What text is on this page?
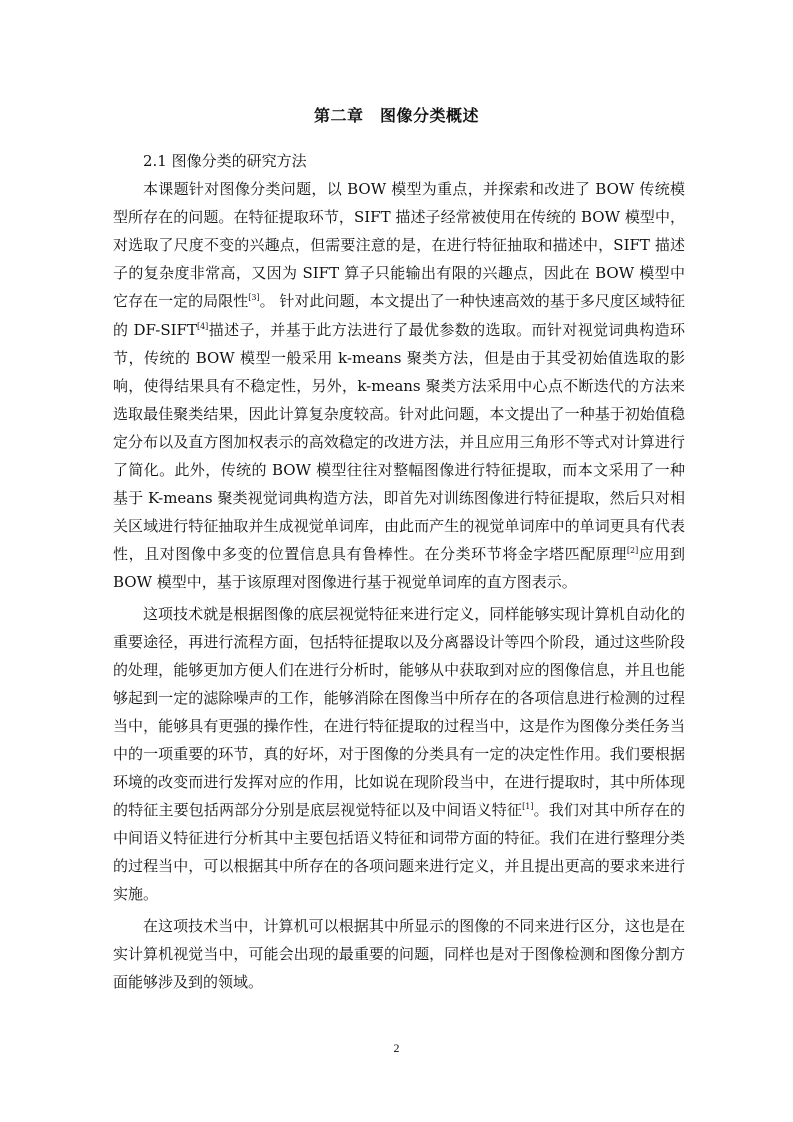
第二章　图像分类概述
2.1 图像分类的研究方法

本课题针对图像分类问题，以 BOW 模型为重点，并探索和改进了 BOW 传统模型所存在的问题。在特征提取环节，SIFT 描述子经常被使用在传统的 BOW 模型中，对选取了尺度不变的兴趣点，但需要注意的是，在进行特征抽取和描述中，SIFT 描述子的复杂度非常高，又因为 SIFT 算子只能输出有限的兴趣点，因此在 BOW 模型中它存在一定的局限性[3]。 针对此问题，本文提出了一种快速高效的基于多尺度区域特征的 DF-SIFT[4]描述子，并基于此方法进行了最优参数的选取。而针对视觉词典构造环节，传统的 BOW 模型一般采用 k-means 聚类方法，但是由于其受初始值选取的影响，使得结果具有不稳定性，另外，k-means 聚类方法采用中心点不断迭代的方法来选取最佳聚类结果，因此计算复杂度较高。针对此问题，本文提出了一种基于初始值稳定分布以及直方图加权表示的高效稳定的改进方法，并且应用三角形不等式对计算进行了简化。此外，传统的 BOW 模型往往对整幅图像进行特征提取，而本文采用了一种基于 K-means 聚类视觉词典构造方法，即首先对训练图像进行特征提取，然后只对相关区域进行特征抽取并生成视觉单词库，由此而产生的视觉单词库中的单词更具有代表性，且对图像中多变的位置信息具有鲁棒性。在分类环节将金字塔匹配原理[2]应用到 BOW 模型中，基于该原理对图像进行基于视觉单词库的直方图表示。

这项技术就是根据图像的底层视觉特征来进行定义，同样能够实现计算机自动化的重要途径，再进行流程方面，包括特征提取以及分离器设计等四个阶段，通过这些阶段的处理，能够更加方便人们在进行分析时，能够从中获取到对应的图像信息，并且也能够起到一定的滤除噪声的工作，能够消除在图像当中所存在的各项信息进行检测的过程当中，能够具有更强的操作性，在进行特征提取的过程当中，这是作为图像分类任务当中的一项重要的环节，真的好坏，对于图像的分类具有一定的决定性作用。我们要根据环境的改变而进行发挥对应的作用，比如说在现阶段当中，在进行提取时，其中所体现的特征主要包括两部分分别是底层视觉特征以及中间语义特征[1]。我们对其中所存在的中间语义特征进行分析其中主要包括语义特征和词带方面的特征。我们在进行整理分类的过程当中，可以根据其中所存在的各项问题来进行定义，并且提出更高的要求来进行实施。

在这项技术当中，计算机可以根据其中所显示的图像的不同来进行区分，这也是在实计算机视觉当中，可能会出现的最重要的问题，同样也是对于图像检测和图像分割方面能够涉及到的领域。

2
